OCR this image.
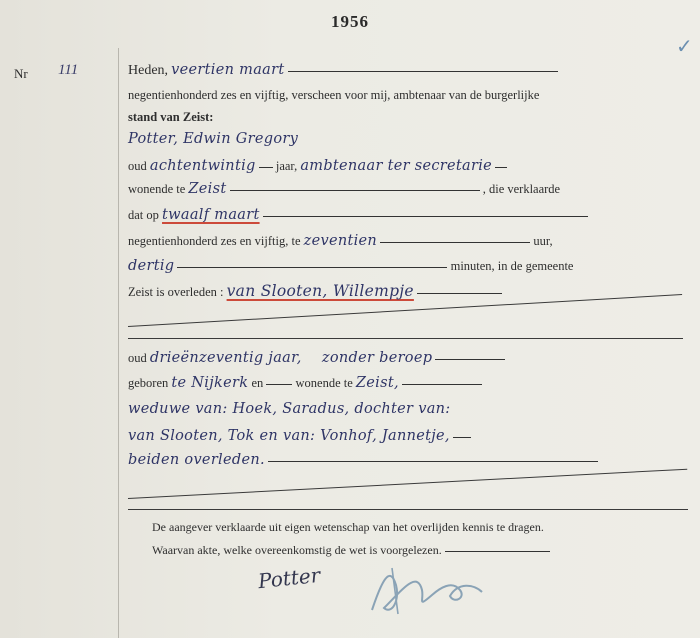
1956
✓
Nr 111	Heden, veertien maart
negentienhonderd zes en vijftig, verscheen voor mij, ambtenaar van de burgerlijke
stand van Zeist:
Potter, Edwin Gregory
oud achtentwintig jaar, ambtenaar ter secretarie
wonende te Zeist	, die verklaarde
dat op twaalf maart
negentienhonderd zes en vijftig, te zeventien	uur,
dertig	minuten, in de gemeente
Zeist is overleden : van Slooten, Willempje
oud drieënzeventig jaar, zonder beroep
geboren te Nijkerk en	wonende te Zeist,
weduwe van: Hoek, Saradus, dochter van:
van Slooten, Tok en van: Vonhof, Jannetje,
beiden overleden.
De aangever verklaarde uit eigen wetenschap van het overlijden kennis te dragen.
Waarvan akte, welke overeenkomstig de wet is voorgelezen.
Potter
